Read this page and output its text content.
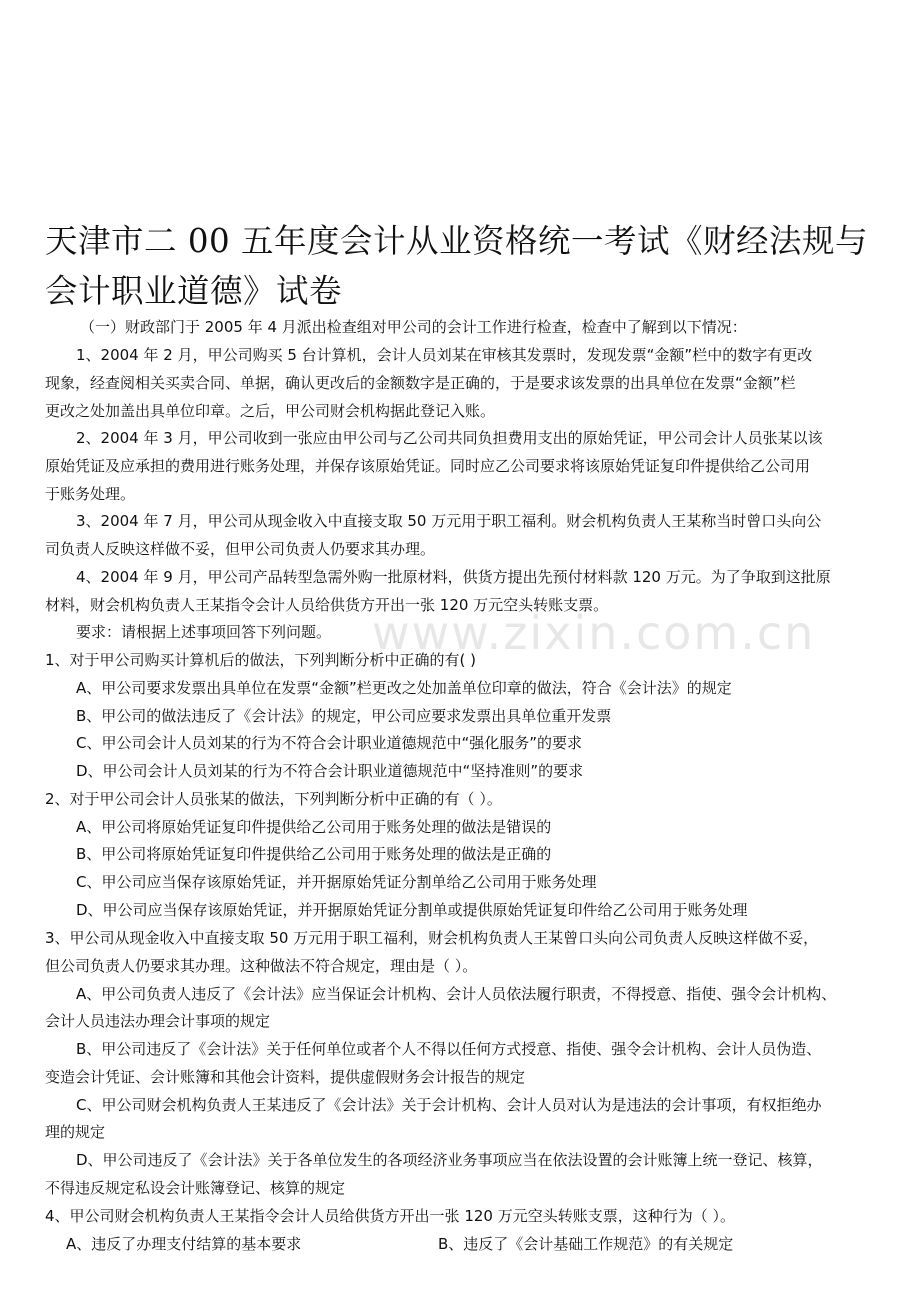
www.zixin.com.cn
天津市二 00 五年度会计从业资格统一考试《财经法规与会计职业道德》试卷
（一）财政部门于 2005 年 4 月派出检查组对甲公司的会计工作进行检查，检查中了解到以下情况：
1、2004 年 2 月，甲公司购买 5 台计算机，会计人员刘某在审核其发票时，发现发票“金额”栏中的数字有更改
现象，经查阅相关买卖合同、单据，确认更改后的金额数字是正确的，于是要求该发票的出具单位在发票“金额”栏
更改之处加盖出具单位印章。之后，甲公司财会机构据此登记入账。
2、2004 年 3 月，甲公司收到一张应由甲公司与乙公司共同负担费用支出的原始凭证，甲公司会计人员张某以该
原始凭证及应承担的费用进行账务处理，并保存该原始凭证。同时应乙公司要求将该原始凭证复印件提供给乙公司用
于账务处理。
3、2004 年 7 月，甲公司从现金收入中直接支取 50 万元用于职工福利。财会机构负责人王某称当时曾口头向公
司负责人反映这样做不妥，但甲公司负责人仍要求其办理。
4、2004 年 9 月，甲公司产品转型急需外购一批原材料，供货方提出先预付材料款 120 万元。为了争取到这批原
材料，财会机构负责人王某指令会计人员给供货方开出一张 120 万元空头转账支票。
要求：请根据上述事项回答下列问题。
1、对于甲公司购买计算机后的做法，下列判断分析中正确的有( )
A、甲公司要求发票出具单位在发票“金额”栏更改之处加盖单位印章的做法，符合《会计法》的规定
B、甲公司的做法违反了《会计法》的规定，甲公司应要求发票出具单位重开发票
C、甲公司会计人员刘某的行为不符合会计职业道德规范中“强化服务”的要求
D、甲公司会计人员刘某的行为不符合会计职业道德规范中“坚持准则”的要求
2、对于甲公司会计人员张某的做法，下列判断分析中正确的有（ ）。
A、甲公司将原始凭证复印件提供给乙公司用于账务处理的做法是错误的
B、甲公司将原始凭证复印件提供给乙公司用于账务处理的做法是正确的
C、甲公司应当保存该原始凭证，并开据原始凭证分割单给乙公司用于账务处理
D、甲公司应当保存该原始凭证，并开据原始凭证分割单或提供原始凭证复印件给乙公司用于账务处理
3、甲公司从现金收入中直接支取 50 万元用于职工福利，财会机构负责人王某曾口头向公司负责人反映这样做不妥，
但公司负责人仍要求其办理。这种做法不符合规定，理由是（ ）。
A、甲公司负责人违反了《会计法》应当保证会计机构、会计人员依法履行职责，不得授意、指使、强令会计机构、
会计人员违法办理会计事项的规定
B、甲公司违反了《会计法》关于任何单位或者个人不得以任何方式授意、指使、强令会计机构、会计人员伪造、
变造会计凭证、会计账簿和其他会计资料，提供虚假财务会计报告的规定
C、甲公司财会机构负责人王某违反了《会计法》关于会计机构、会计人员对认为是违法的会计事项，有权拒绝办
理的规定
D、甲公司违反了《会计法》关于各单位发生的各项经济业务事项应当在依法设置的会计账簿上统一登记、核算，
不得违反规定私设会计账簿登记、核算的规定
4、甲公司财会机构负责人王某指令会计人员给供货方开出一张 120 万元空头转账支票，这种行为（ ）。
A、违反了办理支付结算的基本要求	B、违反了《会计基础工作规范》的有关规定
